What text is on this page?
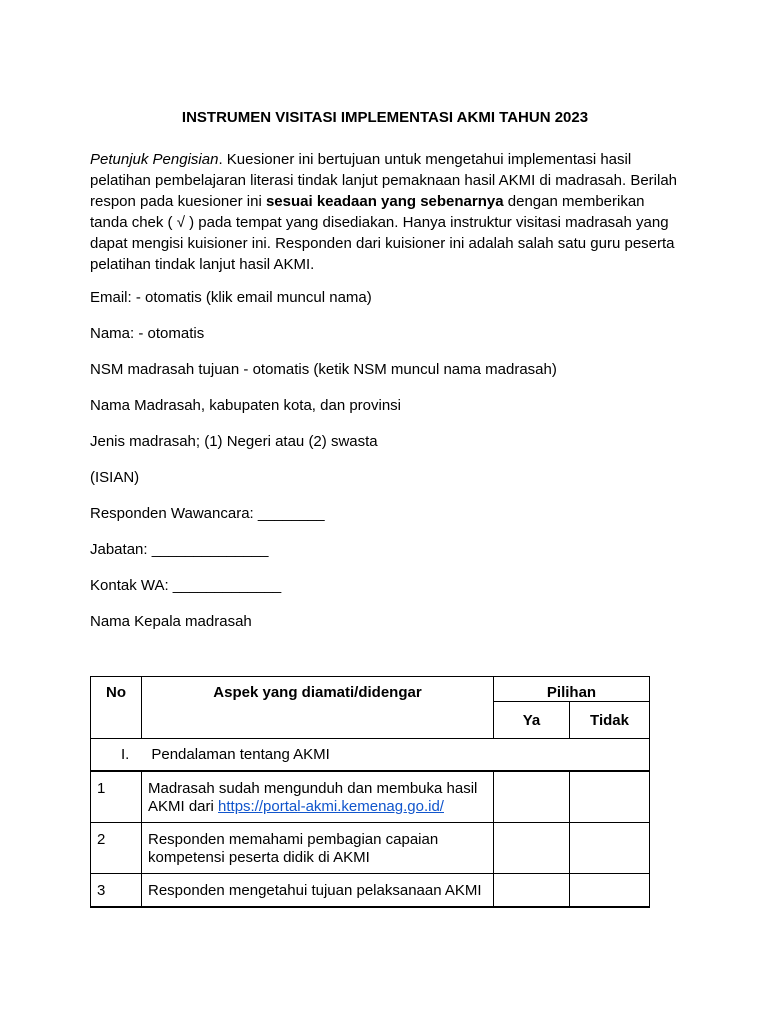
INSTRUMEN VISITASI IMPLEMENTASI AKMI TAHUN 2023
Petunjuk Pengisian. Kuesioner ini bertujuan untuk mengetahui implementasi hasil pelatihan pembelajaran literasi tindak lanjut pemaknaan hasil AKMI di madrasah. Berilah respon pada kuesioner ini sesuai keadaan yang sebenarnya dengan memberikan tanda chek ( √ ) pada tempat yang disediakan. Hanya instruktur visitasi madrasah yang dapat mengisi kuisioner ini. Responden dari kuisioner ini adalah salah satu guru peserta pelatihan tindak lanjut hasil AKMI.
Email: - otomatis (klik email muncul nama)
Nama: - otomatis
NSM madrasah tujuan - otomatis (ketik NSM muncul nama madrasah)
Nama Madrasah, kabupaten kota, dan provinsi
Jenis madrasah; (1) Negeri atau (2) swasta
(ISIAN)
Responden Wawancara: ________
Jabatan: ______________
Kontak WA: _____________
Nama Kepala madrasah
No	Aspek yang diamati/didengar	Pilihan	
		Ya	Tidak
I. Pendalaman tentang AKMI			
1	Madrasah sudah mengunduh dan membuka hasil AKMI dari https://portal-akmi.kemenag.go.id/		
2	Responden memahami pembagian capaian kompetensi peserta didik di AKMI		
3	Responden mengetahui tujuan pelaksanaan AKMI		
